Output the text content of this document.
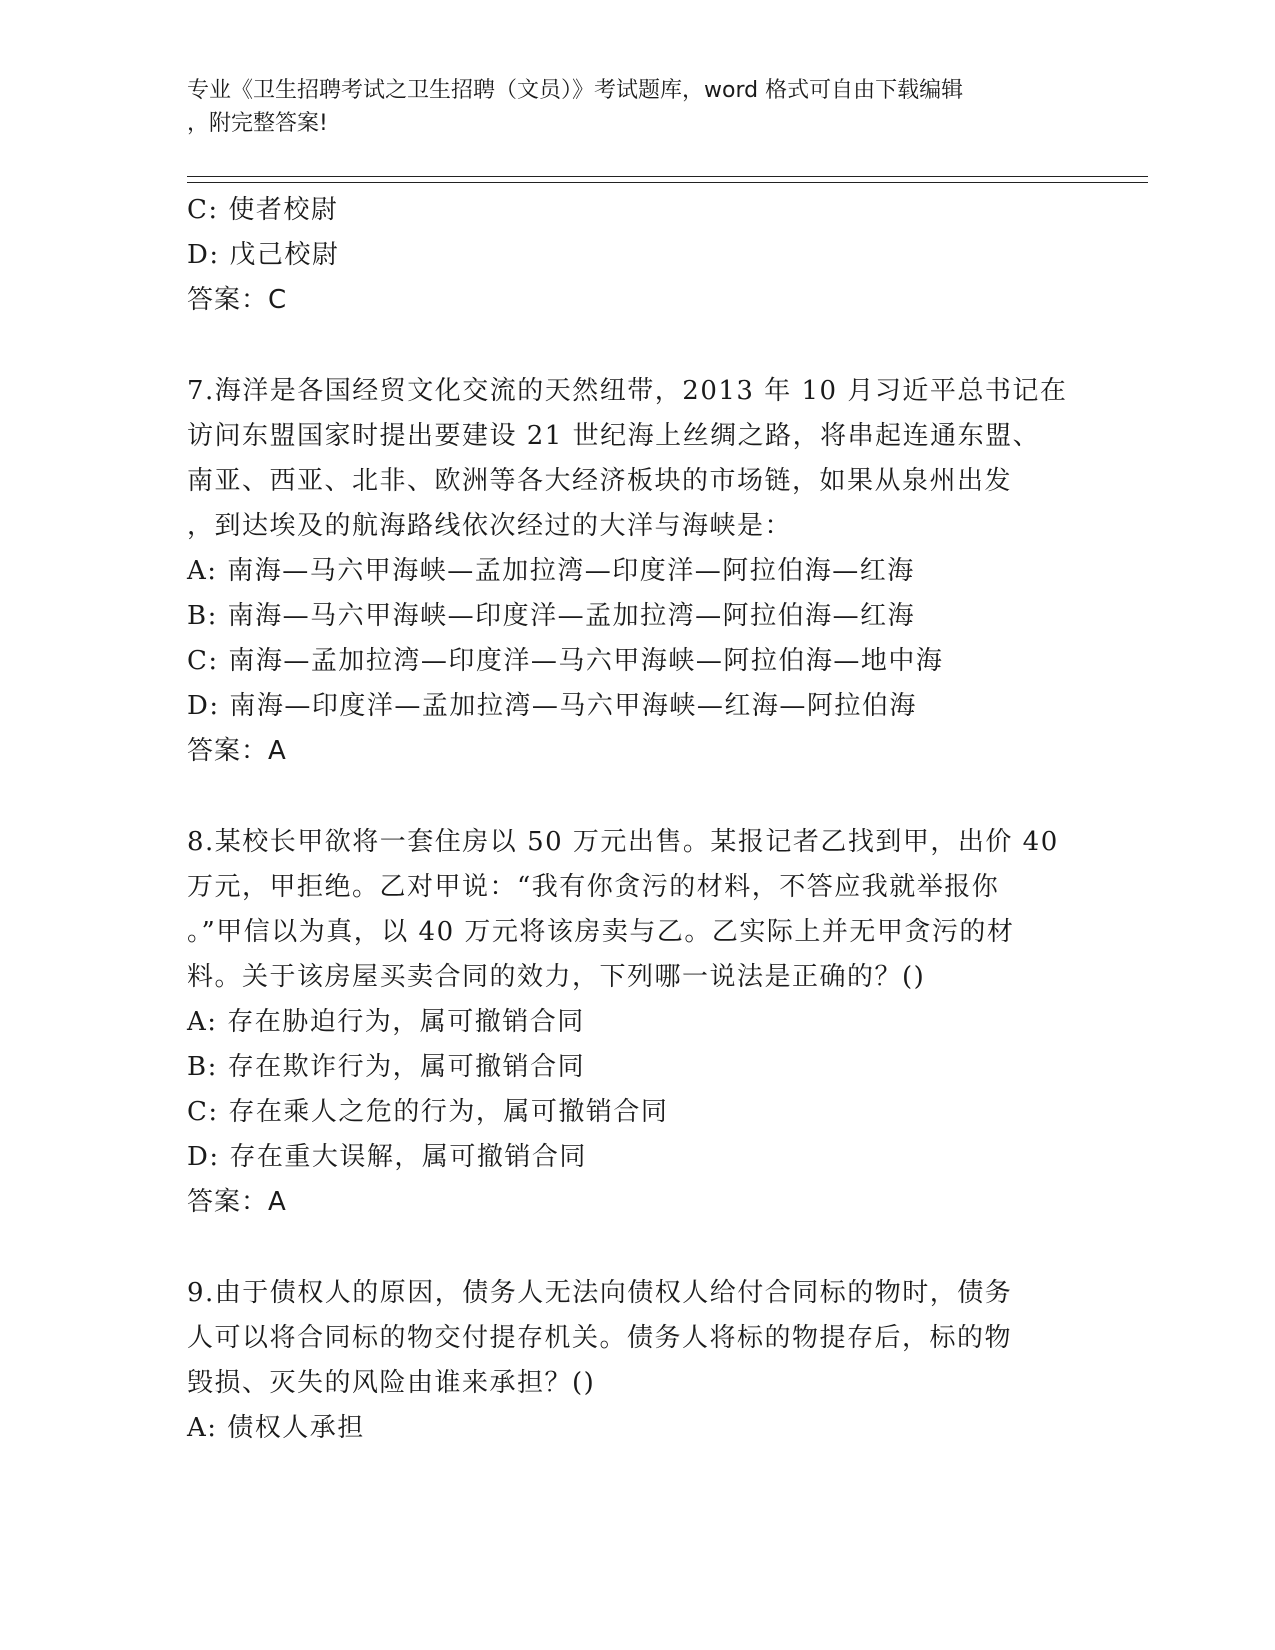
专业《卫生招聘考试之卫生招聘（文员）》考试题库，word 格式可自由下载编辑

，附完整答案!

C: 使者校尉

D: 戊己校尉

答案：C

7.海洋是各国经贸文化交流的天然纽带，2013 年 10 月习近平总书记在

访问东盟国家时提出要建设 21 世纪海上丝绸之路，将串起连通东盟、

南亚、西亚、北非、欧洲等各大经济板块的市场链，如果从泉州出发

，到达埃及的航海路线依次经过的大洋与海峡是：

A: 南海—马六甲海峡—孟加拉湾—印度洋—阿拉伯海—红海

B: 南海—马六甲海峡—印度洋—孟加拉湾—阿拉伯海—红海

C: 南海—孟加拉湾—印度洋—马六甲海峡—阿拉伯海—地中海

D: 南海—印度洋—孟加拉湾—马六甲海峡—红海—阿拉伯海

答案：A

8.某校长甲欲将一套住房以 50 万元出售。某报记者乙找到甲，出价 40

万元，甲拒绝。乙对甲说：“我有你贪污的材料，不答应我就举报你

。”甲信以为真，以 40 万元将该房卖与乙。乙实际上并无甲贪污的材

料。关于该房屋买卖合同的效力，下列哪一说法是正确的？()

A: 存在胁迫行为，属可撤销合同

B: 存在欺诈行为，属可撤销合同

C: 存在乘人之危的行为，属可撤销合同

D: 存在重大误解，属可撤销合同

答案：A

9.由于债权人的原因，债务人无法向债权人给付合同标的物时，债务

人可以将合同标的物交付提存机关。债务人将标的物提存后，标的物

毁损、灭失的风险由谁来承担？()

A: 债权人承担
